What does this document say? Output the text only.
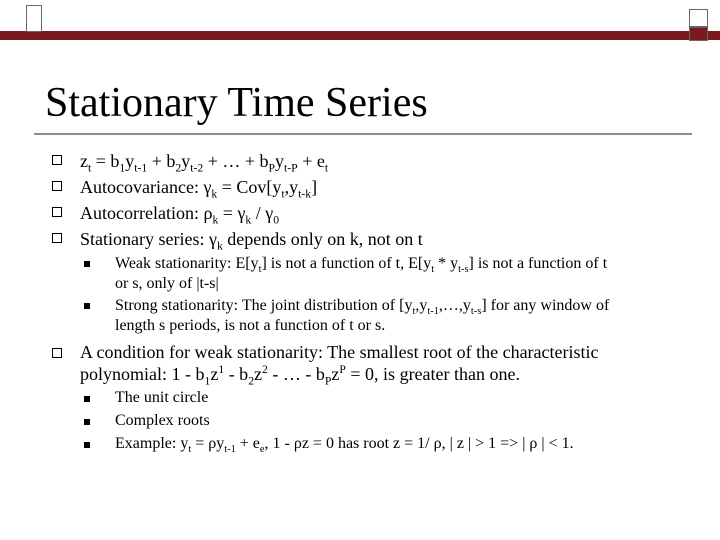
Stationary Time Series
$z_t = b_1y_{t-1} + b_2y_{t-2}$ + … + $b_Py_{t-P} + e_t$
Autocovariance: $\gamma_k = Cov[y_t,y_{t-k}]$
Autocorrelation: $\rho_k = \gamma_k / \gamma_0$
Stationary series: $\gamma_k$ depends only on k, not on t
Weak stationarity: $E[y_t]$ is not a function of t, $E[y_t * y_{t-s}]$ is not a function of t
or s, only of |t-s|
Strong stationarity: The joint distribution of $[y_t,y_{t-1},\dots,y_{t-s}]$ for any window of
length s periods, is not a function of t or s.
A condition for weak stationarity: The smallest root of the characteristic
polynomial: $1 - b_1z^1 - b_2z^2$ - … - $b_Pz^P = 0$, is greater than one.
The unit circle
Complex roots
Example: $y_t = \rho y_{t-1} + e_e$, 1 - ρz = 0 has root z = 1/ ρ, | z | > 1 => | ρ | < 1.
